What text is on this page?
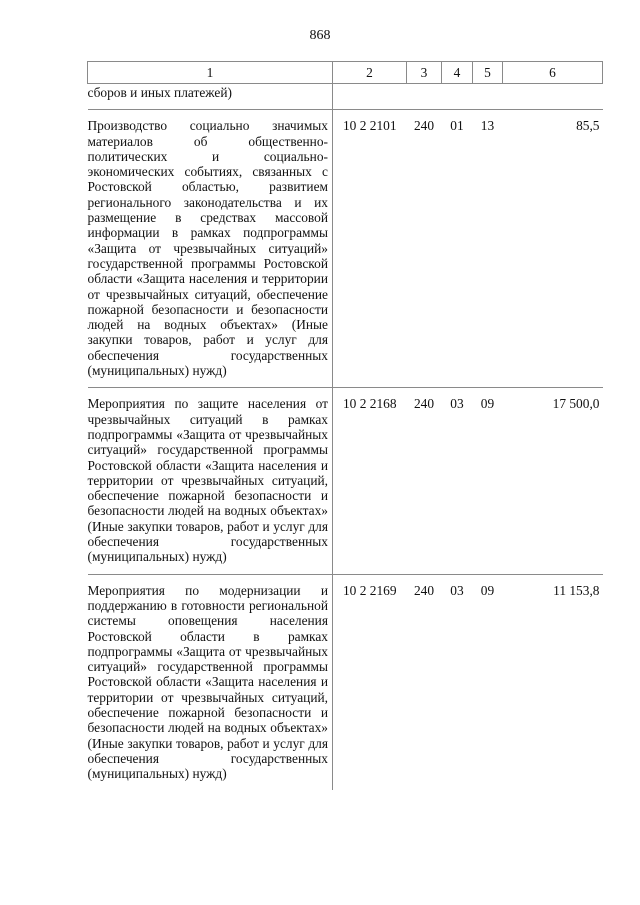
868
1	2	3	4	5	6
сборов и иных платежей)					

Производство социально значимых материалов об общественно-политических и социально-экономических событиях, связанных с Ростовской областью, развитием регионального законодательства и их размещение в средствах массовой информации в рамках подпрограммы «Защита от чрезвычайных ситуаций» государственной программы Ростовской области «Защита населения и территории от чрезвычайных ситуаций, обеспечение пожарной безопасности и безопасности людей на водных объектах» (Иные закупки товаров, работ и услуг для обеспечения государственных (муниципальных) нужд)	10 2 2101	240	01	13	85,5

Мероприятия по защите населения от чрезвычайных ситуаций в рамках подпрограммы «Защита от чрезвычайных ситуаций» государственной программы Ростовской области «Защита населения и территории от чрезвычайных ситуаций, обеспечение пожарной безопасности и безопасности людей на водных объектах» (Иные закупки товаров, работ и услуг для обеспечения государственных (муниципальных) нужд)	10 2 2168	240	03	09	17 500,0

Мероприятия по модернизации и поддержанию в готовности региональной системы оповещения населения Ростовской области в рамках подпрограммы «Защита от чрезвычайных ситуаций» государственной программы Ростовской области «Защита населения и территории от чрезвычайных ситуаций, обеспечение пожарной безопасности и безопасности людей на водных объектах» (Иные закупки товаров, работ и услуг для обеспечения государственных (муниципальных) нужд)	10 2 2169	240	03	09	11 153,8
